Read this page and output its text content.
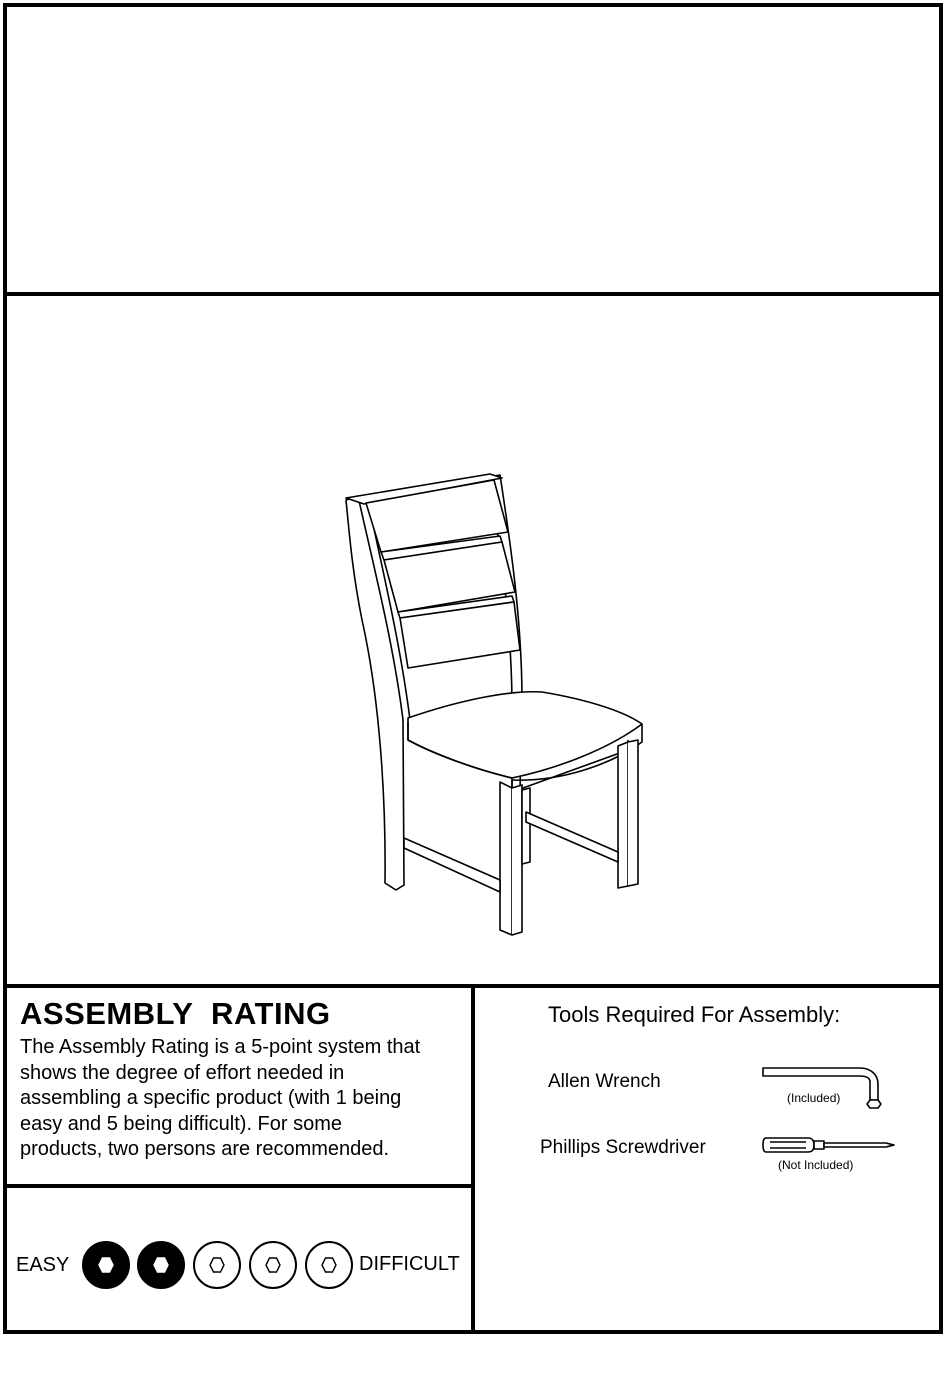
ASSEMBLY  RATING
The Assembly Rating is a 5-point system that
shows the degree of effort needed in
assembling a specific product (with 1 being
easy and 5 being difficult). For some
products, two persons are recommended.
EASY	DIFFICULT
Tools Required For Assembly:
Allen Wrench
(Included)
Phillips Screwdriver
(Not Included)
